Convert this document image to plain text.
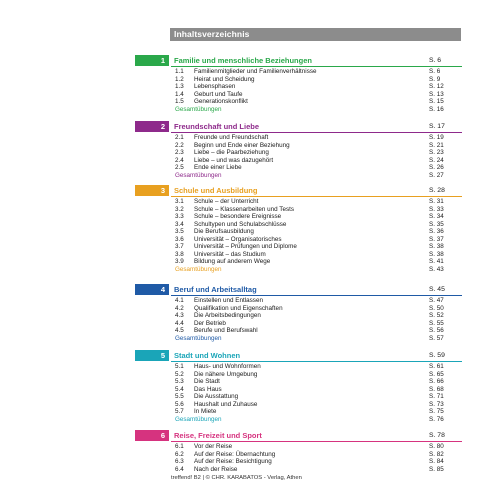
Inhaltsverzeichnis
1	Familie und menschliche Beziehungen	S. 6
1.1 Familienmitglieder und Familienverhältnisse	S. 6
1.2 Heirat und Scheidung	S. 9
1.3 Lebensphasen	S. 12
1.4 Geburt und Taufe	S. 13
1.5 Generationskonflikt	S. 15
Gesamtübungen	S. 16
2	Freundschaft und Liebe	S. 17
2.1 Freunde und Freundschaft	S. 19
2.2 Beginn und Ende einer Beziehung	S. 21
2.3 Liebe – die Paarbeziehung	S. 23
2.4 Liebe – und was dazugehört	S. 24
2.5 Ende einer Liebe	S. 26
Gesamtübungen	S. 27
3	Schule und Ausbildung	S. 28
3.1 Schule – der Unterricht	S. 31
3.2 Schule – Klassenarbeiten und Tests	S. 33
3.3 Schule – besondere Ereignisse	S. 34
3.4 Schultypen und Schulabschlüsse	S. 35
3.5 Die Berufsausbildung	S. 36
3.6 Universität – Organisatorisches	S. 37
3.7 Universität – Prüfungen und Diplome	S. 38
3.8 Universität – das Studium	S. 38
3.9 Bildung auf anderem Wege	S. 41
Gesamtübungen	S. 43
4	Beruf und Arbeitsalltag	S. 45
4.1 Einstellen und Entlassen	S. 47
4.2 Qualifikation und Eigenschaften	S. 50
4.3 Die Arbeitsbedingungen	S. 52
4.4 Der Betrieb	S. 55
4.5 Berufe und Berufswahl	S. 56
Gesamtübungen	S. 57
5	Stadt und Wohnen	S. 59
5.1 Haus- und Wohnformen	S. 61
5.2 Die nähere Umgebung	S. 65
5.3 Die Stadt	S. 66
5.4 Das Haus	S. 68
5.5 Die Ausstattung	S. 71
5.6 Haushalt und Zuhause	S. 73
5.7 In Miete	S. 75
Gesamtübungen	S. 76
6	Reise, Freizeit und Sport	S. 78
6.1 Vor der Reise	S. 80
6.2 Auf der Reise: Übernachtung	S. 82
6.3 Auf der Reise: Besichtigung	S. 84
6.4 Nach der Reise	S. 85
treffend! B2 | © CHR. KARABATOS - Verlag, Athen
